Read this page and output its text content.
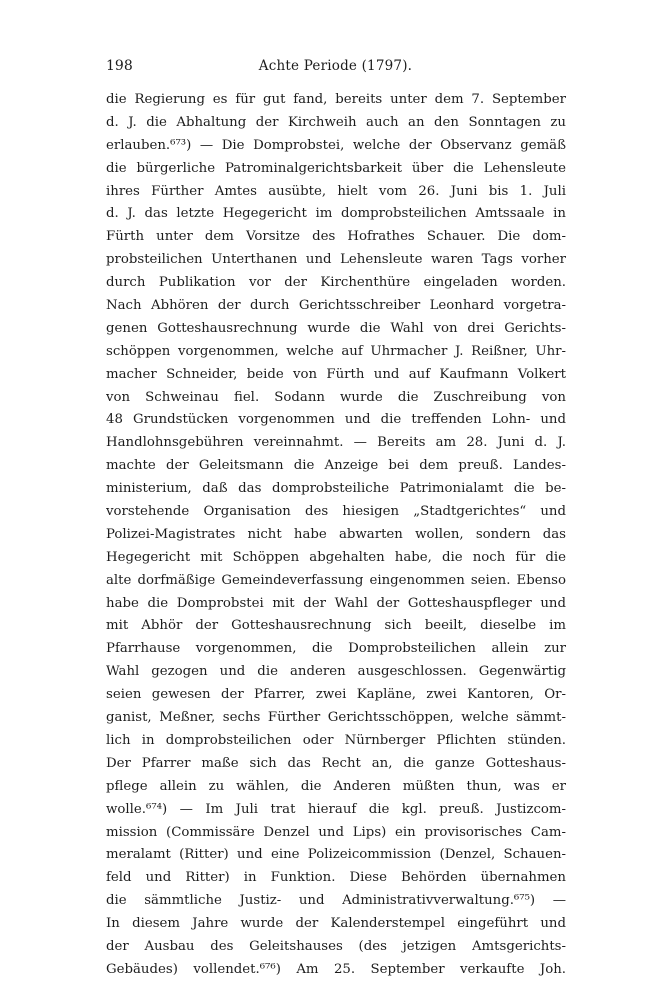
198	Achte Periode (1797).
die Regierung es für gut fand, bereits unter dem 7. September
d. J. die Abhaltung der Kirchweih auch an den Sonntagen zu
erlauben.⁶⁷³) — Die Domprobstei, welche der Observanz gemäß
die bürgerliche Patrominalgerichtsbarkeit über die Lehensleute
ihres Fürther Amtes ausübte, hielt vom 26. Juni bis 1. Juli
d. J. das letzte Hegegericht im domprobsteilichen Amtssaale in
Fürth unter dem Vorsitze des Hofrathes Schauer. Die dom-
probsteilichen Unterthanen und Lehensleute waren Tags vorher
durch Publikation vor der Kirchenthüre eingeladen worden.
Nach Abhören der durch Gerichtsschreiber Leonhard vorgetra-
genen Gotteshausrechnung wurde die Wahl von drei Gerichts-
schöppen vorgenommen, welche auf Uhrmacher J. Reißner, Uhr-
macher Schneider, beide von Fürth und auf Kaufmann Volkert
von Schweinau fiel. Sodann wurde die Zuschreibung von
48 Grundstücken vorgenommen und die treffenden Lohn- und
Handlohnsgebühren vereinnahmt. — Bereits am 28. Juni d. J.
machte der Geleitsmann die Anzeige bei dem preuß. Landes-
ministerium, daß das domprobsteiliche Patrimonialamt die be-
vorstehende Organisation des hiesigen „Stadtgerichtes“ und
Polizei-Magistrates nicht habe abwarten wollen, sondern das
Hegegericht mit Schöppen abgehalten habe, die noch für die
alte dorfmäßige Gemeindeverfassung eingenommen seien. Ebenso
habe die Domprobstei mit der Wahl der Gotteshauspfleger und
mit Abhör der Gotteshausrechnung sich beeilt, dieselbe im
Pfarrhause vorgenommen, die Domprobsteilichen allein zur
Wahl gezogen und die anderen ausgeschlossen. Gegenwärtig
seien gewesen der Pfarrer, zwei Kapläne, zwei Kantoren, Or-
ganist, Meßner, sechs Fürther Gerichtsschöppen, welche sämmt-
lich in domprobsteilichen oder Nürnberger Pflichten stünden.
Der Pfarrer maße sich das Recht an, die ganze Gotteshaus-
pflege allein zu wählen, die Anderen müßten thun, was er
wolle.⁶⁷⁴) — Im Juli trat hierauf die kgl. preuß. Justizcom-
mission (Commissäre Denzel und Lips) ein provisorisches Cam-
meralamt (Ritter) und eine Polizeicommission (Denzel, Schauen-
feld und Ritter) in Funktion. Diese Behörden übernahmen
die sämmtliche Justiz- und Administrativverwaltung.⁶⁷⁵) —
In diesem Jahre wurde der Kalenderstempel eingeführt und
der Ausbau des Geleitshauses (des jetzigen Amtsgerichts-
Gebäudes) vollendet.⁶⁷⁶) Am 25. September verkaufte Joh.
